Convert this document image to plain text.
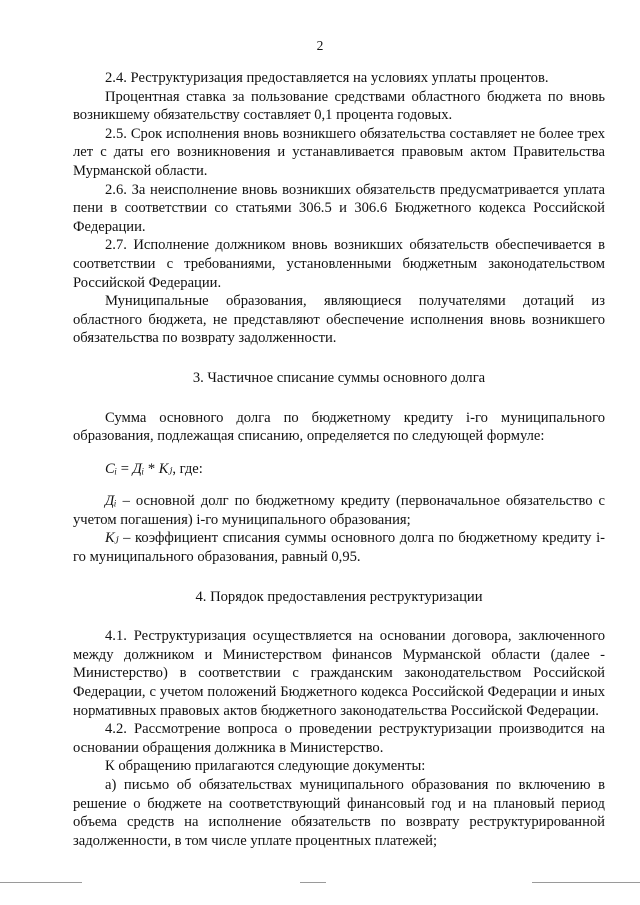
2

2.4. Реструктуризация предоставляется на условиях уплаты процентов.

Процентная ставка за пользование средствами областного бюджета по вновь возникшему обязательству составляет 0,1 процента годовых.

2.5. Срок исполнения вновь возникшего обязательства составляет не более трех лет с даты его возникновения и устанавливается правовым актом Правительства Мурманской области.

2.6. За неисполнение вновь возникших обязательств предусматривается уплата пени в соответствии со статьями 306.5 и 306.6 Бюджетного кодекса Российской Федерации.

2.7. Исполнение должником вновь возникших обязательств обеспечивается в соответствии с требованиями, установленными бюджетным законодательством Российской Федерации.

Муниципальные образования, являющиеся получателями дотаций из областного бюджета, не представляют обеспечение исполнения вновь возникшего обязательства по возврату задолженности.

3. Частичное списание суммы основного долга

Сумма основного долга по бюджетному кредиту i-го муниципального образования, подлежащая списанию, определяется по следующей формуле:

Сᵢ = Дᵢ * Кⱼ, где:

Дᵢ – основной долг по бюджетному кредиту (первоначальное обязательство с учетом погашения) i-го муниципального образования;

Кⱼ – коэффициент списания суммы основного долга по бюджетному кредиту i-го муниципального образования, равный 0,95.

4. Порядок предоставления реструктуризации

4.1. Реструктуризация осуществляется на основании договора, заключенного между должником и Министерством финансов Мурманской области (далее - Министерство) в соответствии с гражданским законодательством Российской Федерации, с учетом положений Бюджетного кодекса Российской Федерации и иных нормативных правовых актов бюджетного законодательства Российской Федерации.

4.2. Рассмотрение вопроса о проведении реструктуризации производится на основании обращения должника в Министерство.

К обращению прилагаются следующие документы:

а) письмо об обязательствах муниципального образования по включению в решение о бюджете на соответствующий финансовый год и на плановый период объема средств на исполнение обязательств по возврату реструктурированной задолженности, в том числе уплате процентных платежей;
